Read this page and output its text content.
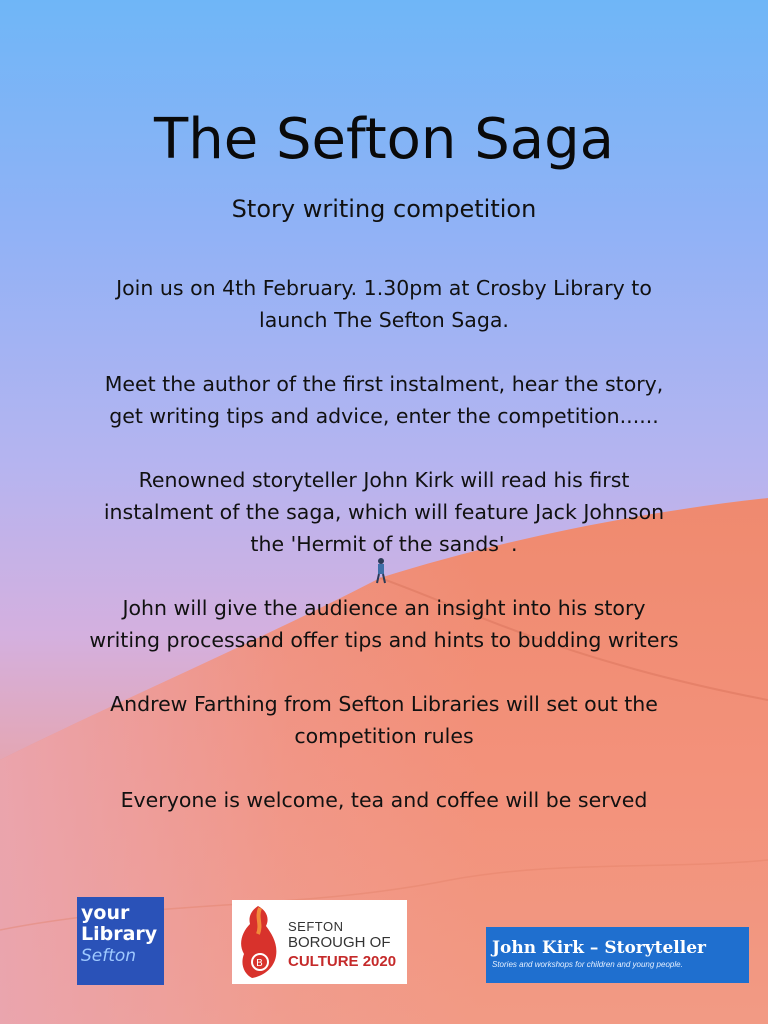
The Sefton Saga
Story writing competition
Join us on 4th February. 1.30pm at Crosby Library to
launch The Sefton Saga.
Meet the author of the first instalment, hear the story,
get writing tips and advice, enter the competition......
Renowned storyteller John Kirk will read his first
instalment of the saga, which will feature Jack Johnson
the 'Hermit of the sands' .
John will give the audience an insight into his story
writing processand offer tips and hints to budding writers
Andrew Farthing from Sefton Libraries will set out the
competition rules
Everyone is welcome, tea and coffee will be served
your
Library
Sefton	B
SEFTON
BOROUGH OF
CULTURE 2020
John Kirk – Storyteller
Stories and workshops for children and young people.
